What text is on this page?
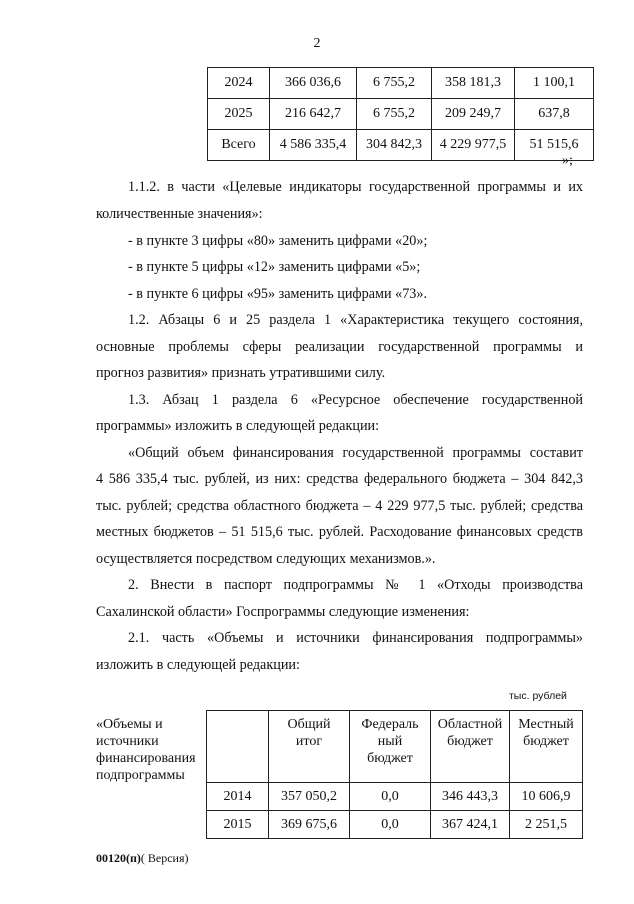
2
2024	366 036,6	6 755,2	358 181,3	1 100,1
2025	216 642,7	6 755,2	209 249,7	637,8
Всего	4 586 335,4	304 842,3	4 229 977,5	51 515,6
»;

1.1.2. в части «Целевые индикаторы государственной программы и их

количественные значения»:

- в пункте 3 цифры «80» заменить цифрами «20»;

- в пункте 5 цифры «12» заменить цифрами «5»;

- в пункте 6 цифры «95» заменить цифрами «73».

1.2. Абзацы 6 и 25 раздела 1 «Характеристика текущего состояния,

основные проблемы сферы реализации государственной программы и

прогноз развития» признать утратившими силу.

1.3. Абзац 1 раздела 6 «Ресурсное обеспечение государственной

программы» изложить в следующей редакции:

«Общий объем финансирования государственной программы составит

4 586 335,4 тыс. рублей, из них: средства федерального бюджета – 304 842,3

тыс. рублей; средства областного бюджета – 4 229 977,5 тыс. рублей; средства

местных бюджетов – 51 515,6 тыс. рублей. Расходование финансовых средств

осуществляется посредством следующих механизмов.».

2. Внести в паспорт подпрограммы № 1 «Отходы производства

Сахалинской области» Госпрограммы следующие изменения:

2.1. часть «Объемы и источники финансирования подпрограммы»

изложить в следующей редакции:

тыс. рублей
«Объемы и источники финансирования подпрограммы
	Общий итог	Федераль ный бюджет	Областной бюджет	Местный бюджет
2014	357 050,2	0,0	346 443,3	10 606,9
2015	369 675,6	0,0	367 424,1	2 251,5
00120(п)( Версия)
